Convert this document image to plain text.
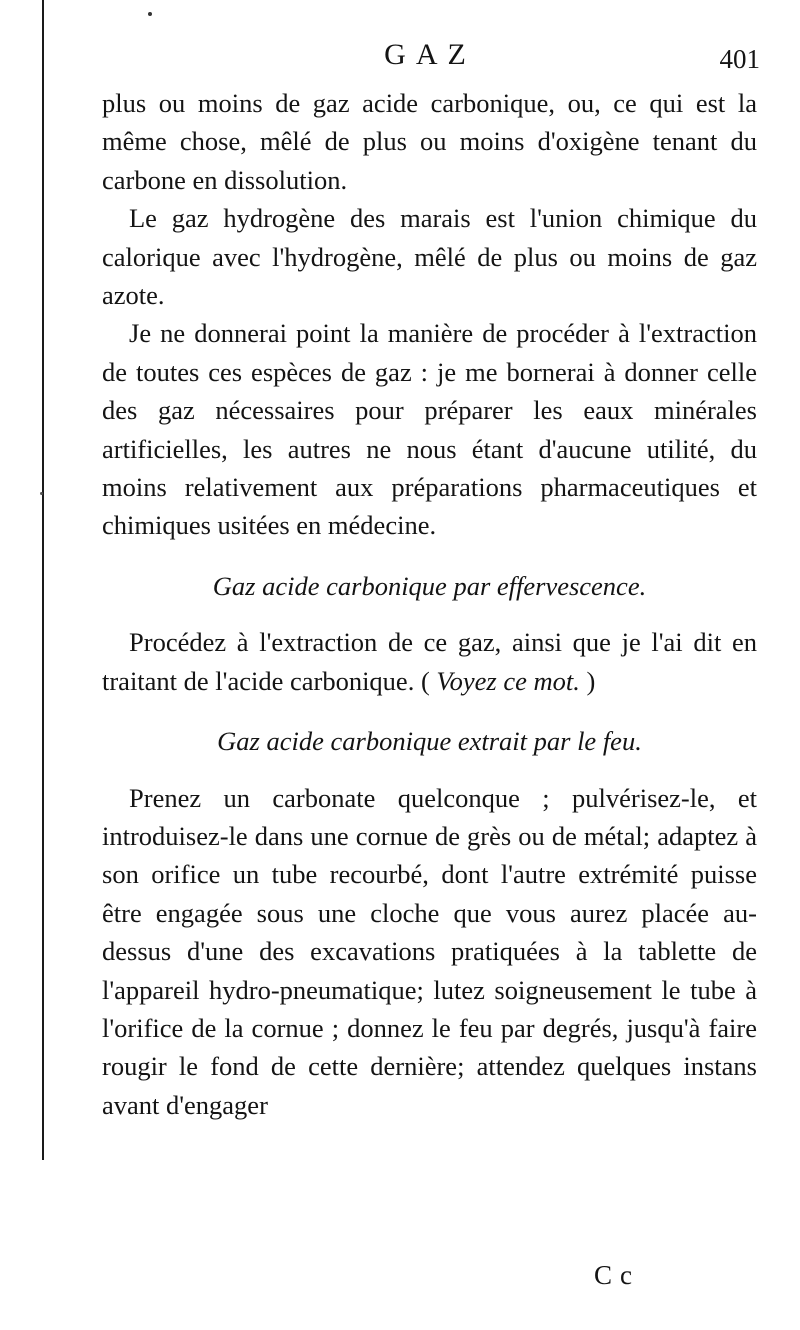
GAZ	401

plus ou moins de gaz acide carbonique, ou, ce qui est la même chose, mêlé de plus ou moins d'oxigène tenant du carbone en dissolution.

Le gaz hydrogène des marais est l'union chimique du calorique avec l'hydrogène, mêlé de plus ou moins de gaz azote.

Je ne donnerai point la manière de procéder à l'extraction de toutes ces espèces de gaz : je me bornerai à donner celle des gaz nécessaires pour préparer les eaux minérales artificielles, les autres ne nous étant d'aucune utilité, du moins relativement aux préparations pharmaceutiques et chimiques usitées en médecine.

Gaz acide carbonique par effervescence.

Procédez à l'extraction de ce gaz, ainsi que je l'ai dit en traitant de l'acide carbonique. ( Voyez ce mot. )

Gaz acide carbonique extrait par le feu.

Prenez un carbonate quelconque ; pulvérisez-le, et introduisez-le dans une cornue de grès ou de métal; adaptez à son orifice un tube recourbé, dont l'autre extrémité puisse être engagée sous une cloche que vous aurez placée au-dessus d'une des excavations pratiquées à la tablette de l'appareil hydro-pneumatique; lutez soigneusement le tube à l'orifice de la cornue ; donnez le feu par degrés, jusqu'à faire rougir le fond de cette dernière; attendez quelques instans avant d'engager

Cc
